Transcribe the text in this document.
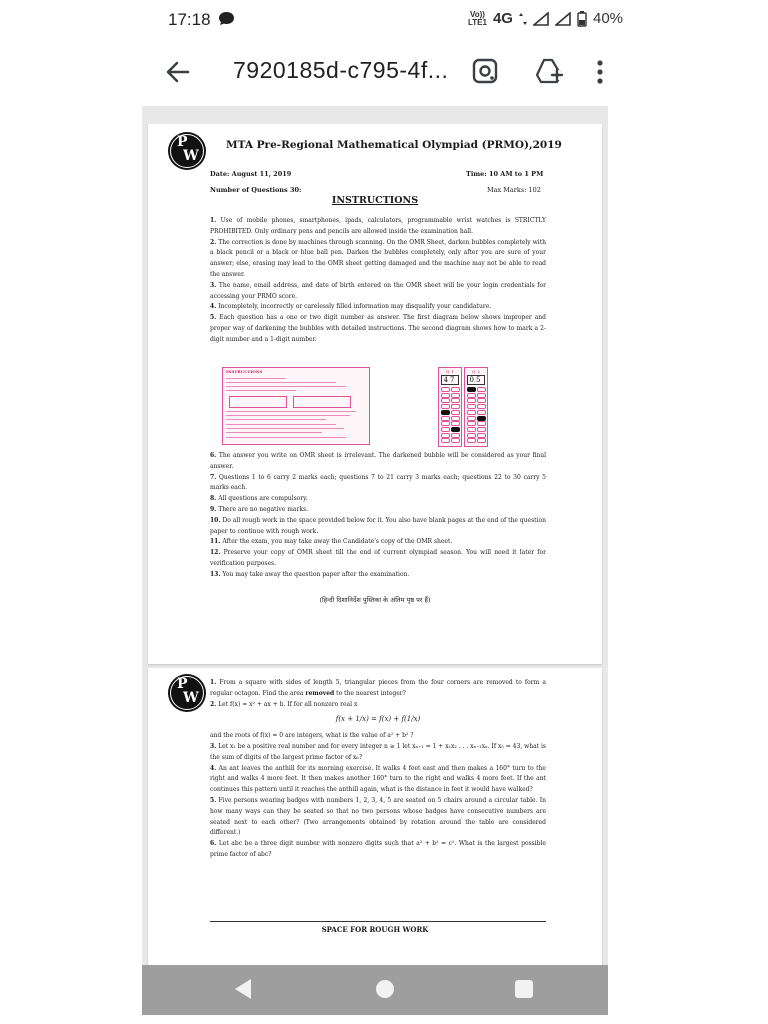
17:18	Vo))
LTE1 4G	40%
7920185d-c795-4f...
P
W
MTA Pre-Regional Mathematical Olympiad (PRMO),2019
Date: August 11, 2019	Time: 10 AM to 1 PM
Number of Questions 30:	Max Marks: 102
INSTRUCTIONS

1. Use of mobile phones, smartphones, ipads, calculators, programmable wrist watches is STRICTLY PROHIBITED. Only ordinary pens and pencils are allowed inside the examination hall.

2. The correction is done by machines through scanning. On the OMR Sheet, darken bubbles completely with a black pencil or a black or blue ball pen. Darken the bubbles completely, only after you are sure of your answer; else, erasing may lead to the OMR sheet getting damaged and the machine may not be able to read the answer.

3. The name, email address, and date of birth entered on the OMR sheet will be your login credentials for accessing your PRMO score.

4. Incompletely, incorrectly or carelessly filled information may disqualify your candidature.

5. Each question has a one or two digit number as answer. The first diagram below shows improper and proper way of darkening the bubbles with detailed instructions. The second diagram shows how to mark a 2-digit number and a 1-digit number.

INSTRUCTIONS	Q. 1
47
Q. 2
05

6. The answer you write on OMR sheet is irrelevant. The darkened bubble will be considered as your final answer.

7. Questions 1 to 6 carry 2 marks each; questions 7 to 21 carry 3 marks each; questions 22 to 30 carry 5 marks each.

8. All questions are compulsory.

9. There are no negative marks.

10. Do all rough work in the space provided below for it. You also have blank pages at the end of the question paper to continue with rough work.

11. After the exam, you may take away the Candidate's copy of the OMR sheet.

12. Preserve your copy of OMR sheet till the end of current olympiad season. You will need it later for verification purposes.

13. You may take away the question paper after the examination.

(हिन्दी दिशानिर्देश पुस्तिका के अंतिम पृष्ठ पर हैं)
P
W

1. From a square with sides of length 5, triangular pieces from the four corners are removed to form a regular octagon. Find the area removed to the nearest integer?

2. Let f(x) = x² + ax + b. If for all nonzero real x

f(x + 1/x) = f(x) + f(1/x)

and the roots of f(x) = 0 are integers, what is the value of a² + b² ?

3. Let x₁ be a positive real number and for every integer n ≥ 1 let xₙ₊₁ = 1 + x₁x₂ . . . xₙ₋₁xₙ. If x₅ = 43, what is the sum of digits of the largest prime factor of x₆?

4. An ant leaves the anthill for its morning exercise. It walks 4 feet east and then makes a 160° turn to the right and walks 4 more feet. It then makes another 160° turn to the right and walks 4 more feet. If the ant continues this pattern until it reaches the anthill again, what is the distance in feet it would have walked?

5. Five persons wearing badges with numbers 1, 2, 3, 4, 5 are seated on 5 chairs around a circular table. In how many ways can they be seated so that no two persons whose badges have consecutive numbers are seated next to each other? (Two arrangements obtained by rotation around the table are considered different.)

6. Let abc be a three digit number with nonzero digits such that a² + b² = c². What is the largest possible prime factor of abc?

SPACE FOR ROUGH WORK
